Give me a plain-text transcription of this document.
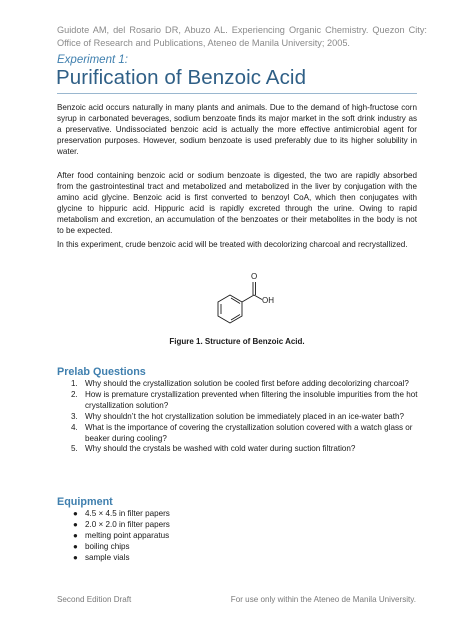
Guidote AM, del Rosario DR, Abuzo AL. Experiencing Organic Chemistry. Quezon City: Office of Research and Publications, Ateneo de Manila University; 2005.
Experiment 1:
Purification of Benzoic Acid
Benzoic acid occurs naturally in many plants and animals. Due to the demand of high-fructose corn syrup in carbonated beverages, sodium benzoate finds its major market in the soft drink industry as a preservative. Undissociated benzoic acid is actually the more effective antimicrobial agent for preservation purposes. However, sodium benzoate is used preferably due to its higher solubility in water.
After food containing benzoic acid or sodium benzoate is digested, the two are rapidly absorbed from the gastrointestinal tract and metabolized and metabolized in the liver by conjugation with the amino acid glycine. Benzoic acid is first converted to benzoyl CoA, which then conjugates with glycine to hippuric acid. Hippuric acid is rapidly excreted through the urine. Owing to rapid metabolism and excretion, an accumulation of the benzoates or their metabolites in the body is not to be expected.
In this experiment, crude benzoic acid will be treated with decolorizing charcoal and recrystallized.
O
OH
Figure 1. Structure of Benzoic Acid.
Prelab Questions
1. Why should the crystallization solution be cooled first before adding decolorizing charcoal?
2. How is premature crystallization prevented when filtering the insoluble impurities from the hot crystallization solution?
3. Why shouldn’t the hot crystallization solution be immediately placed in an ice-water bath?
4. What is the importance of covering the crystallization solution covered with a watch glass or beaker during cooling?
5. Why should the crystals be washed with cold water during suction filtration?
Equipment
● 4.5 × 4.5 in filter papers
● 2.0 × 2.0 in filter papers
● melting point apparatus
● boiling chips
● sample vials
Second Edition Draft	For use only within the Ateneo de Manila University.
